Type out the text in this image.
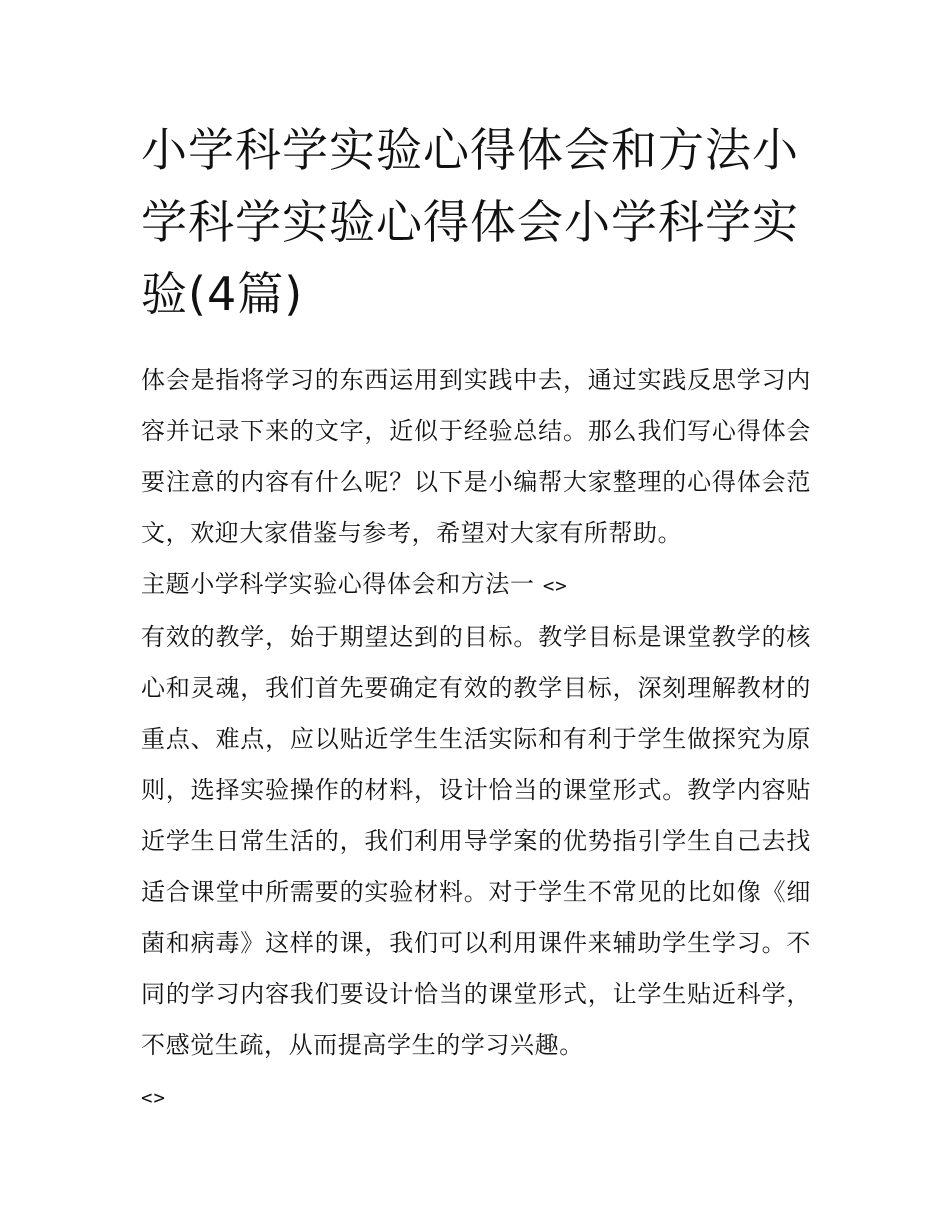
小学科学实验心得体会和方法小学科学实验心得体会小学科学实验(4篇)

体会是指将学习的东西运用到实践中去，通过实践反思学习内容并记录下来的文字，近似于经验总结。那么我们写心得体会要注意的内容有什么呢？以下是小编帮大家整理的心得体会范文，欢迎大家借鉴与参考，希望对大家有所帮助。

主题小学科学实验心得体会和方法一 <>

有效的教学，始于期望达到的目标。教学目标是课堂教学的核心和灵魂，我们首先要确定有效的教学目标，深刻理解教材的重点、难点，应以贴近学生生活实际和有利于学生做探究为原则，选择实验操作的材料，设计恰当的课堂形式。教学内容贴近学生日常生活的，我们利用导学案的优势指引学生自己去找适合课堂中所需要的实验材料。对于学生不常见的比如像《细菌和病毒》这样的课，我们可以利用课件来辅助学生学习。不同的学习内容我们要设计恰当的课堂形式，让学生贴近科学，不感觉生疏，从而提高学生的学习兴趣。

<>
